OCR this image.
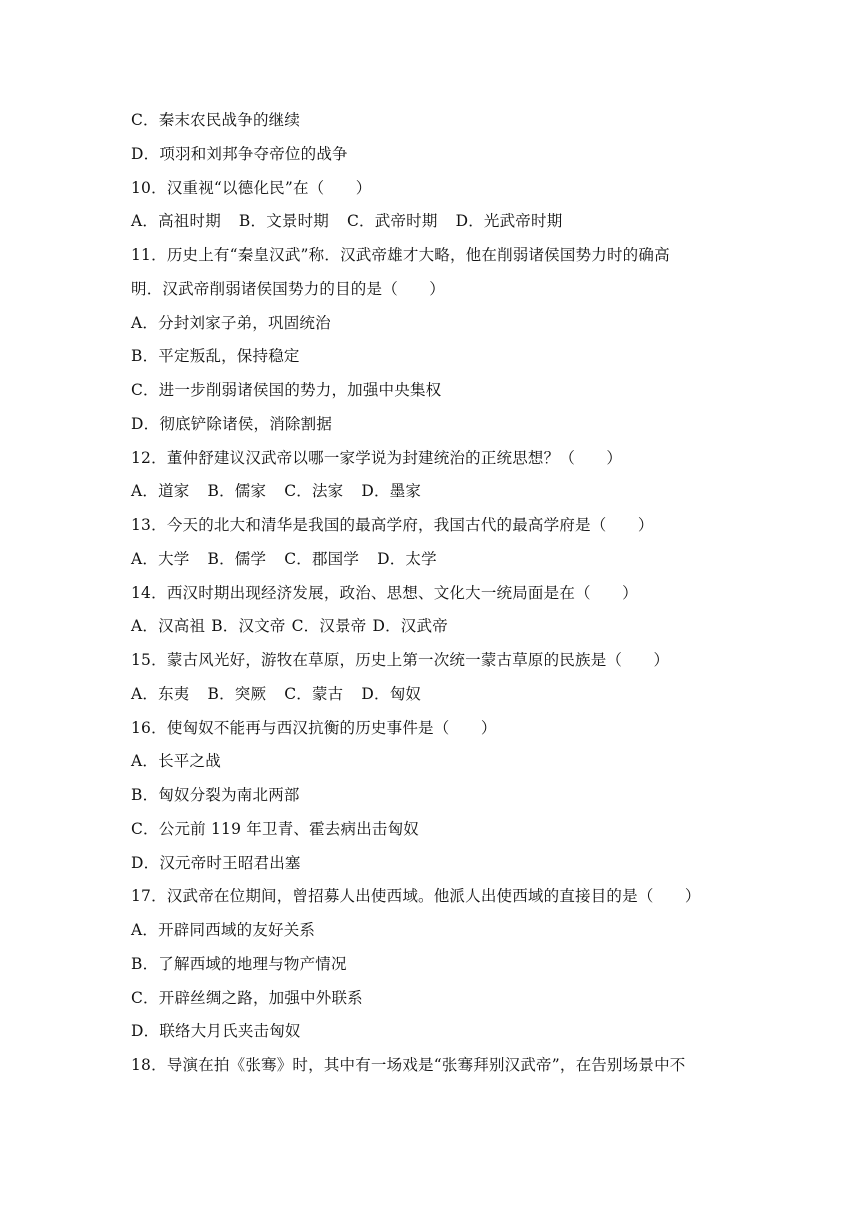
C．秦末农民战争的继续
D．项羽和刘邦争夺帝位的战争
10．汉重视“以德化民”在（　　）
A．高祖时期 B．文景时期 C．武帝时期 D．光武帝时期
11．历史上有“秦皇汉武”称．汉武帝雄才大略，他在削弱诸侯国势力时的确高
明．汉武帝削弱诸侯国势力的目的是（　　）
A．分封刘家子弟，巩固统治
B．平定叛乱，保持稳定
C．进一步削弱诸侯国的势力，加强中央集权
D．彻底铲除诸侯，消除割据
12．董仲舒建议汉武帝以哪一家学说为封建统治的正统思想？（　　）
A．道家 B．儒家 C．法家 D．墨家
13．今天的北大和清华是我国的最高学府，我国古代的最高学府是（　　）
A．大学 B．儒学 C．郡国学 D．太学
14．西汉时期出现经济发展，政治、思想、文化大一统局面是在（　　）
A．汉高祖 B．汉文帝 C．汉景帝 D．汉武帝
15．蒙古风光好，游牧在草原，历史上第一次统一蒙古草原的民族是（　　）
A．东夷 B．突厥 C．蒙古 D．匈奴
16．使匈奴不能再与西汉抗衡的历史事件是（　　）
A．长平之战
B．匈奴分裂为南北两部
C．公元前 119 年卫青、霍去病出击匈奴
D．汉元帝时王昭君出塞
17．汉武帝在位期间，曾招募人出使西域。他派人出使西域的直接目的是（　　）
A．开辟同西域的友好关系
B．了解西域的地理与物产情况
C．开辟丝绸之路，加强中外联系
D．联络大月氏夹击匈奴
18．导演在拍《张骞》时，其中有一场戏是“张骞拜别汉武帝”，在告别场景中不
